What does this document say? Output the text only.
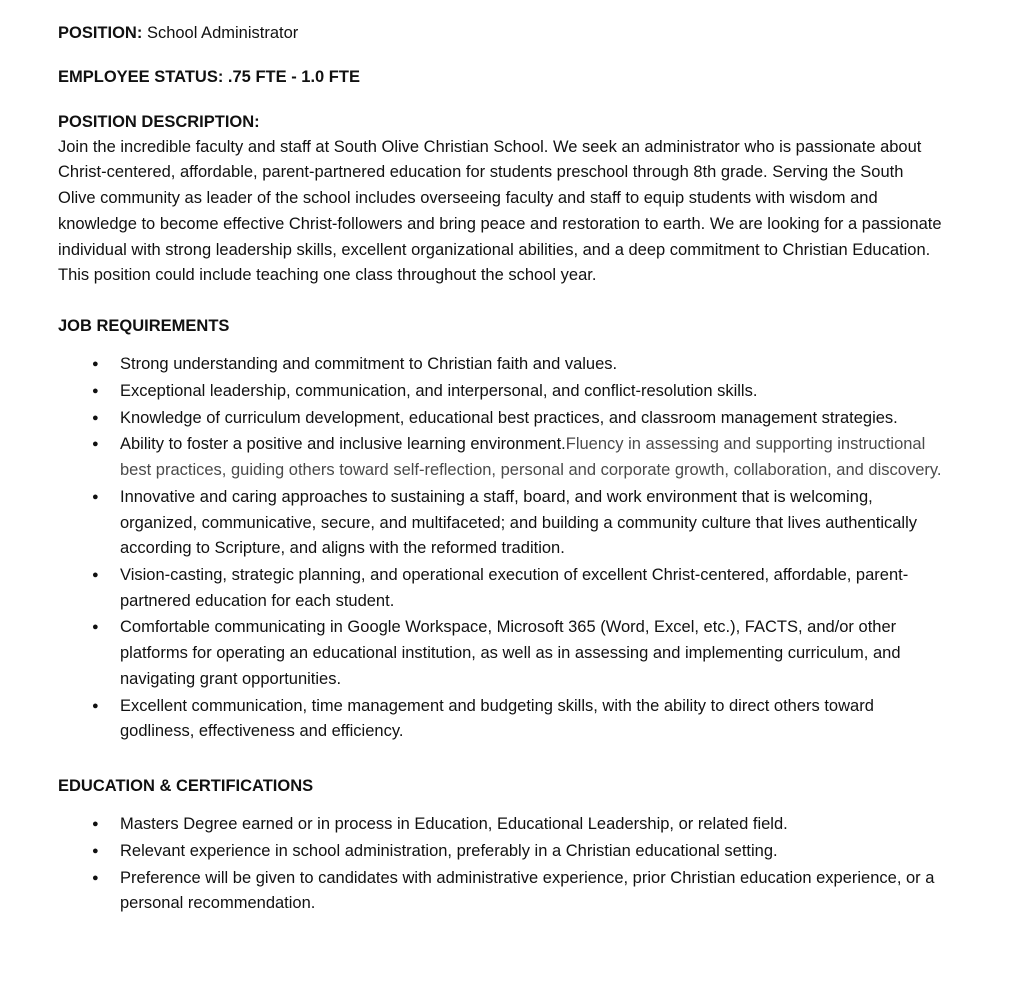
POSITION: School Administrator

EMPLOYEE STATUS: .75 FTE - 1.0 FTE

POSITION DESCRIPTION:

Join the incredible faculty and staff at South Olive Christian School. We seek an administrator who is passionate about Christ-centered, affordable, parent-partnered education for students preschool through 8th grade. Serving the South Olive community as leader of the school includes overseeing faculty and staff to equip students with wisdom and knowledge to become effective Christ-followers and bring peace and restoration to earth. We are looking for a passionate individual with strong leadership skills, excellent organizational abilities, and a deep commitment to Christian Education. This position could include teaching one class throughout the school year.

JOB REQUIREMENTS
● Strong understanding and commitment to Christian faith and values.
● Exceptional leadership, communication, and interpersonal, and conflict-resolution skills.
● Knowledge of curriculum development, educational best practices, and classroom management strategies.
● Ability to foster a positive and inclusive learning environment.Fluency in assessing and supporting instructional best practices, guiding others toward self-reflection, personal and corporate growth, collaboration, and discovery.
● Innovative and caring approaches to sustaining a staff, board, and work environment that is welcoming, organized, communicative, secure, and multifaceted; and building a community culture that lives authentically according to Scripture, and aligns with the reformed tradition.
● Vision-casting, strategic planning, and operational execution of excellent Christ-centered, affordable, parent-partnered education for each student.
● Comfortable communicating in Google Workspace, Microsoft 365 (Word, Excel, etc.), FACTS, and/or other platforms for operating an educational institution, as well as in assessing and implementing curriculum, and navigating grant opportunities.
● Excellent communication, time management and budgeting skills, with the ability to direct others toward godliness, effectiveness and efficiency.
EDUCATION & CERTIFICATIONS
● Masters Degree earned or in process in Education, Educational Leadership, or related field.
● Relevant experience in school administration, preferably in a Christian educational setting.
● Preference will be given to candidates with administrative experience, prior Christian education experience, or a personal recommendation.
